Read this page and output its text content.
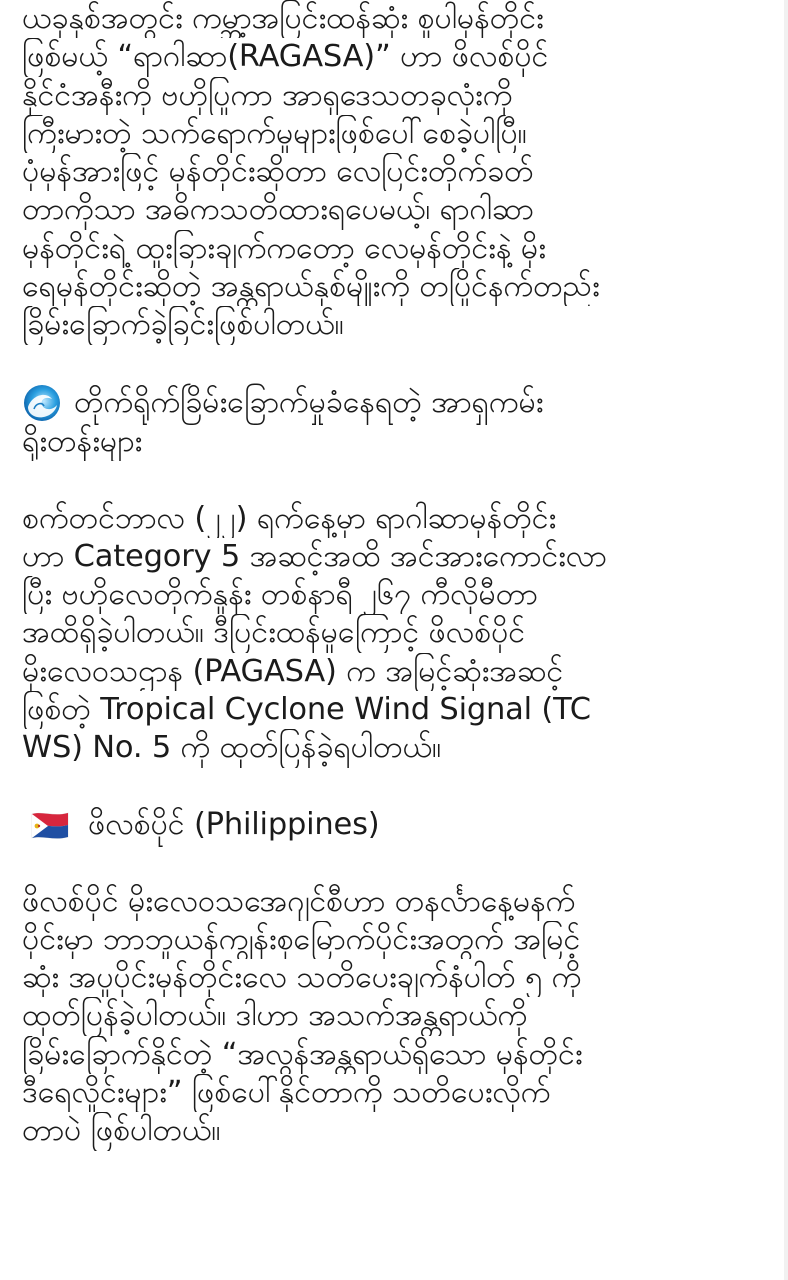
ယခုနှစ်အတွင်း ကမ္ဘာ့အပြင်းထန်ဆုံး စူပါမုန်တိုင်း
ဖြစ်မယ့် “ရာဂါဆာ(RAGASA)” ဟာ ဖိလစ်ပိုင်
နိုင်ငံအနီးကို ဗဟိုပြုကာ အာရှဒေသတခုလုံးကို
ကြီးမားတဲ့ သက်ရောက်မှုများဖြစ်ပေါ်စေခဲ့ပါပြီ။
ပုံမှန်အားဖြင့် မုန်တိုင်းဆိုတာ လေပြင်းတိုက်ခတ်
တာကိုသာ အဓိကသတိထားရပေမယ့်၊ ရာဂါဆာ
မုန်တိုင်းရဲ့ ထူးခြားချက်ကတော့ လေမုန်တိုင်းနဲ့ မိုး
ရေမုန်တိုင်းဆိုတဲ့ အန္တရာယ်နှစ်မျိုးကို တပြိုင်နက်တည်း
ခြိမ်းခြောက်ခဲ့ခြင်းဖြစ်ပါတယ်။

တိုက်ရိုက်ခြိမ်းခြောက်မှုခံနေရတဲ့ အာရှကမ်း
ရိုးတန်းများ

စက်တင်ဘာလ (၂၂) ရက်နေ့မှာ ရာဂါဆာမုန်တိုင်း
ဟာ Category 5 အဆင့်အထိ အင်အားကောင်းလာ
ပြီး ဗဟိုလေတိုက်နှုန်း တစ်နာရီ ၂၆၇ ကီလိုမီတာ
အထိရှိခဲ့ပါတယ်။ ဒီပြင်းထန်မှုကြောင့် ဖိလစ်ပိုင်
မိုးလေဝသဌာန (PAGASA) က အမြင့်ဆုံးအဆင့်
ဖြစ်တဲ့ Tropical Cyclone Wind Signal (TC
WS) No. 5 ကို ထုတ်ပြန်ခဲ့ရပါတယ်။

ဖိလစ်ပိုင် (Philippines)

ဖိလစ်ပိုင် မိုးလေဝသအေဂျင်စီဟာ တနင်္လာနေ့မနက်
ပိုင်းမှာ ဘာဘူယန်ကျွန်းစုမြောက်ပိုင်းအတွက် အမြင့်
ဆုံး အပူပိုင်းမုန်တိုင်းလေ သတိပေးချက်နံပါတ် ၅ ကို
ထုတ်ပြန်ခဲ့ပါတယ်။ ဒါဟာ အသက်အန္တရာယ်ကို
ခြိမ်းခြောက်နိုင်တဲ့ “အလွန်အန္တရာယ်ရှိသော မုန်တိုင်း
ဒီရေလှိုင်းများ” ဖြစ်ပေါ်နိုင်တာကို သတိပေးလိုက်
တာပဲ ဖြစ်ပါတယ်။
